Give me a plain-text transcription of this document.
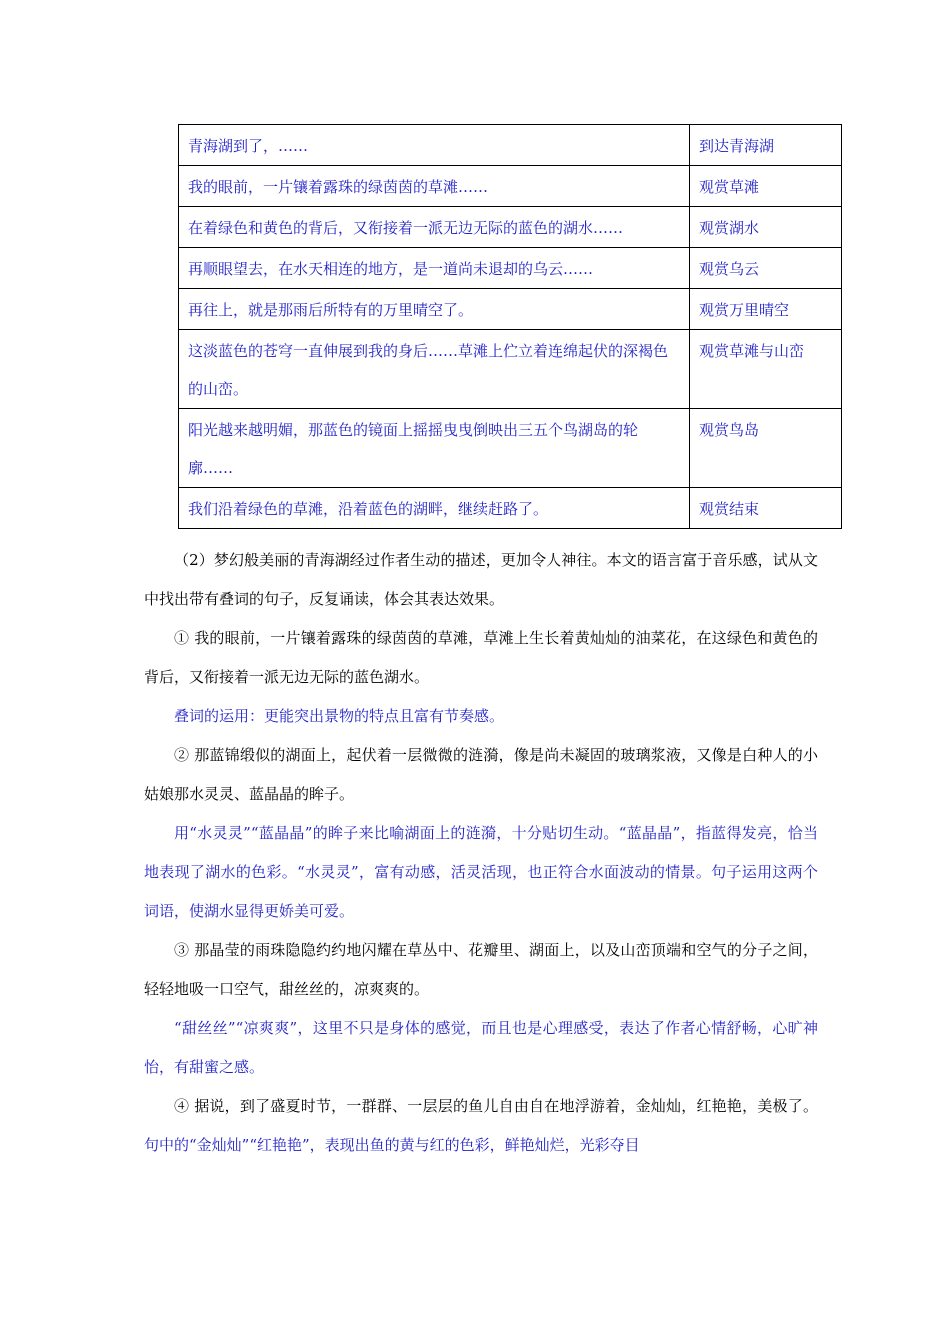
青海湖到了，……	到达青海湖
我的眼前，一片镶着露珠的绿茵茵的草滩……	观赏草滩
在着绿色和黄色的背后，又衔接着一派无边无际的蓝色的湖水……	观赏湖水
再顺眼望去，在水天相连的地方，是一道尚未退却的乌云……	观赏乌云
再往上，就是那雨后所特有的万里晴空了。	观赏万里晴空
这淡蓝色的苍穹一直伸展到我的身后……草滩上伫立着连绵起伏的深褐色的山峦。	观赏草滩与山峦
阳光越来越明媚，那蓝色的镜面上摇摇曳曳倒映出三五个鸟湖岛的轮廓……	观赏鸟岛
我们沿着绿色的草滩，沿着蓝色的湖畔，继续赶路了。	观赏结束

（2）梦幻般美丽的青海湖经过作者生动的描述，更加令人神往。本文的语言富于音乐感，试从文中找出带有叠词的句子，反复诵读，体会其表达效果。

① 我的眼前，一片镶着露珠的绿茵茵的草滩，草滩上生长着黄灿灿的油菜花，在这绿色和黄色的背后，又衔接着一派无边无际的蓝色湖水。

叠词的运用：更能突出景物的特点且富有节奏感。

② 那蓝锦缎似的湖面上，起伏着一层微微的涟漪，像是尚未凝固的玻璃浆液，又像是白种人的小姑娘那水灵灵、蓝晶晶的眸子。

用“水灵灵”“蓝晶晶”的眸子来比喻湖面上的涟漪，十分贴切生动。“蓝晶晶”，指蓝得发亮，恰当地表现了湖水的色彩。“水灵灵”，富有动感，活灵活现，也正符合水面波动的情景。句子运用这两个词语，使湖水显得更娇美可爱。

③ 那晶莹的雨珠隐隐约约地闪耀在草丛中、花瓣里、湖面上，以及山峦顶端和空气的分子之间，轻轻地吸一口空气，甜丝丝的，凉爽爽的。

“甜丝丝”“凉爽爽”，这里不只是身体的感觉，而且也是心理感受，表达了作者心情舒畅，心旷神怡，有甜蜜之感。

④ 据说，到了盛夏时节，一群群、一层层的鱼儿自由自在地浮游着，金灿灿，红艳艳，美极了。句中的“金灿灿”“红艳艳”，表现出鱼的黄与红的色彩，鲜艳灿烂，光彩夺目
